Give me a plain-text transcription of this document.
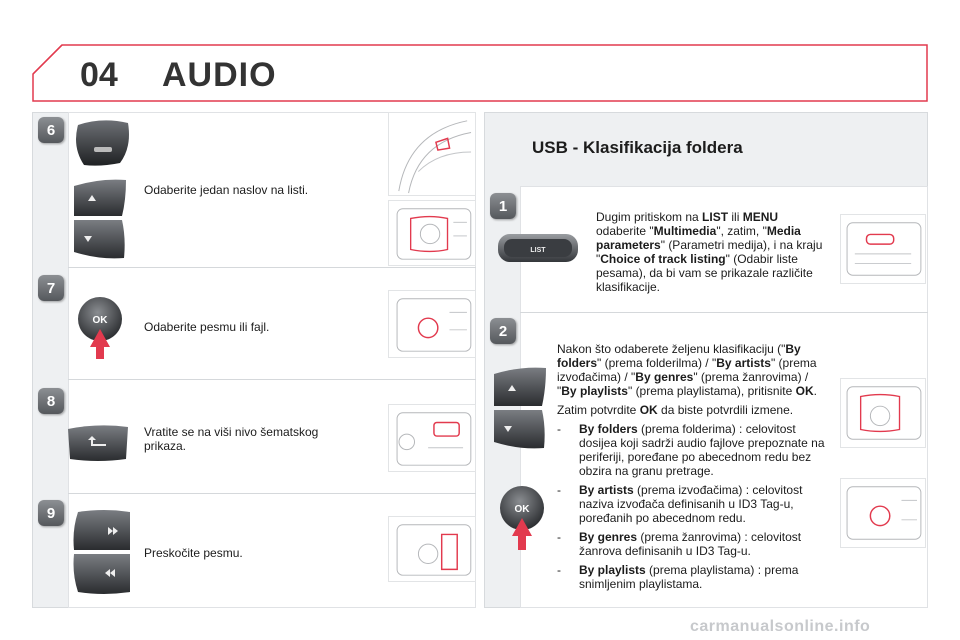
04 AUDIO
6
Odaberite jedan naslov na listi.
7
OK	Odaberite pesmu ili fajl.
8
Vratite se na viši nivo šematskog prikaza.
9
Preskočite pesmu.
USB - Klasifikacija foldera
1
LIST
Dugim pritiskom na LIST ili MENU odaberite "Multimedia", zatim, "Media parameters" (Parametri medija), i na kraju "Choice of track listing" (Odabir liste pesama), da bi vam se prikazale različite klasifikacije.
2
OK
Nakon što odaberete željenu klasifikaciju ("By folders" (prema folderilma) / "By artists" (prema izvođačima) / "By genres" (prema žanrovima) / "By playlists" (prema playlistama), pritisnite OK.
Zatim potvrdite OK da biste potvrdili izmene.
-	By folders (prema folderima) : celovitost dosijea koji sadrži audio fajlove prepoznate na periferiji, poređane po abecednom redu bez obzira na granu pretrage.
-	By artists (prema izvođačima) : celovitost naziva izvođača definisanih u ID3 Tag-u, poređanih po abecednom redu.
-	By genres (prema žanrovima) : celovitost žanrova definisanih u ID3 Tag-u.
-	By playlists (prema playlistama) : prema snimljenim playlistama.
carmanualsonline.info
